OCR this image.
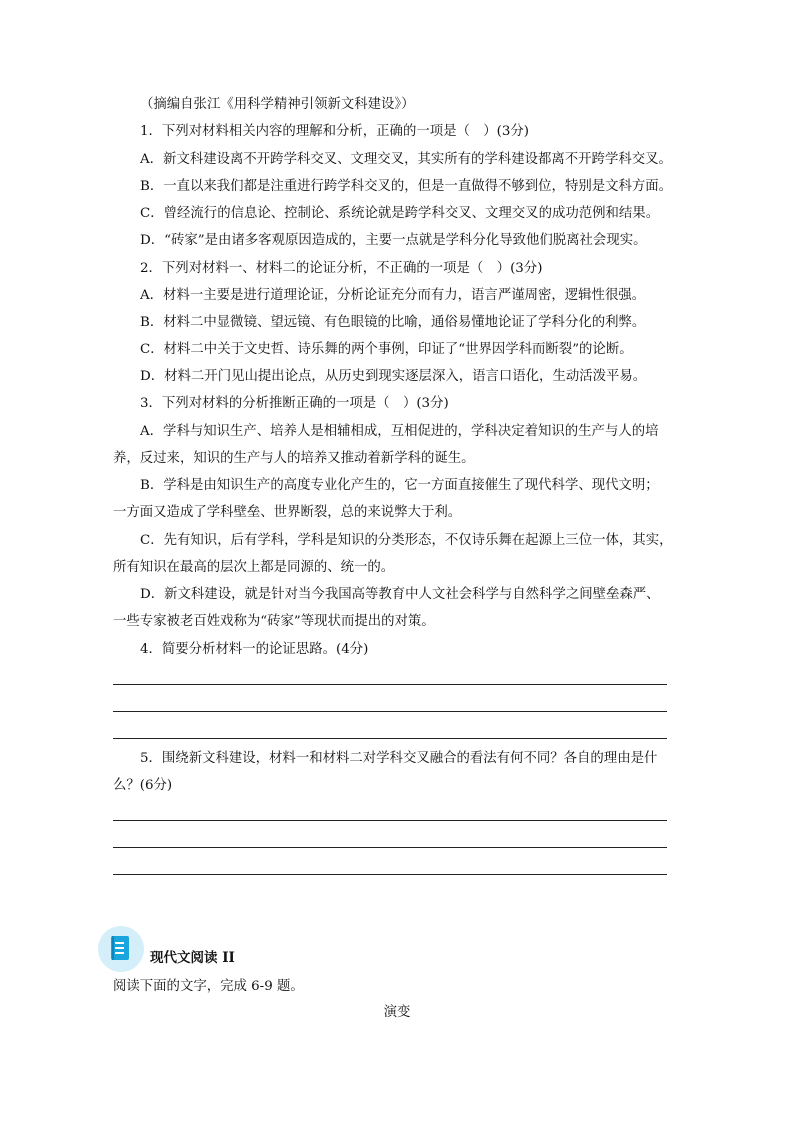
（摘编自张江《用科学精神引领新文科建设》）
1．下列对材料相关内容的理解和分析，正确的一项是（　）(3分)
A．新文科建设离不开跨学科交叉、文理交叉，其实所有的学科建设都离不开跨学科交叉。
B．一直以来我们都是注重进行跨学科交叉的，但是一直做得不够到位，特别是文科方面。
C．曾经流行的信息论、控制论、系统论就是跨学科交叉、文理交叉的成功范例和结果。
D．“砖家”是由诸多客观原因造成的，主要一点就是学科分化导致他们脱离社会现实。
2．下列对材料一、材料二的论证分析，不正确的一项是（　）(3分)
A．材料一主要是进行道理论证，分析论证充分而有力，语言严谨周密，逻辑性很强。
B．材料二中显微镜、望远镜、有色眼镜的比喻，通俗易懂地论证了学科分化的利弊。
C．材料二中关于文史哲、诗乐舞的两个事例，印证了“世界因学科而断裂”的论断。
D．材料二开门见山提出论点，从历史到现实逐层深入，语言口语化，生动活泼平易。
3．下列对材料的分析推断正确的一项是（　）(3分)
A．学科与知识生产、培养人是相辅相成，互相促进的，学科决定着知识的生产与人的培
养，反过来，知识的生产与人的培养又推动着新学科的诞生。
B．学科是由知识生产的高度专业化产生的，它一方面直接催生了现代科学、现代文明；
一方面又造成了学科壁垒、世界断裂，总的来说弊大于利。
C．先有知识，后有学科，学科是知识的分类形态，不仅诗乐舞在起源上三位一体，其实，
所有知识在最高的层次上都是同源的、统一的。
D．新文科建设，就是针对当今我国高等教育中人文社会科学与自然科学之间壁垒森严、
一些专家被老百姓戏称为“砖家”等现状而提出的对策。
4．简要分析材料一的论证思路。(4分)
5．围绕新文科建设，材料一和材料二对学科交叉融合的看法有何不同？各自的理由是什
么？(6分)
现代文阅读 II
阅读下面的文字，完成 6-9 题。
演变
